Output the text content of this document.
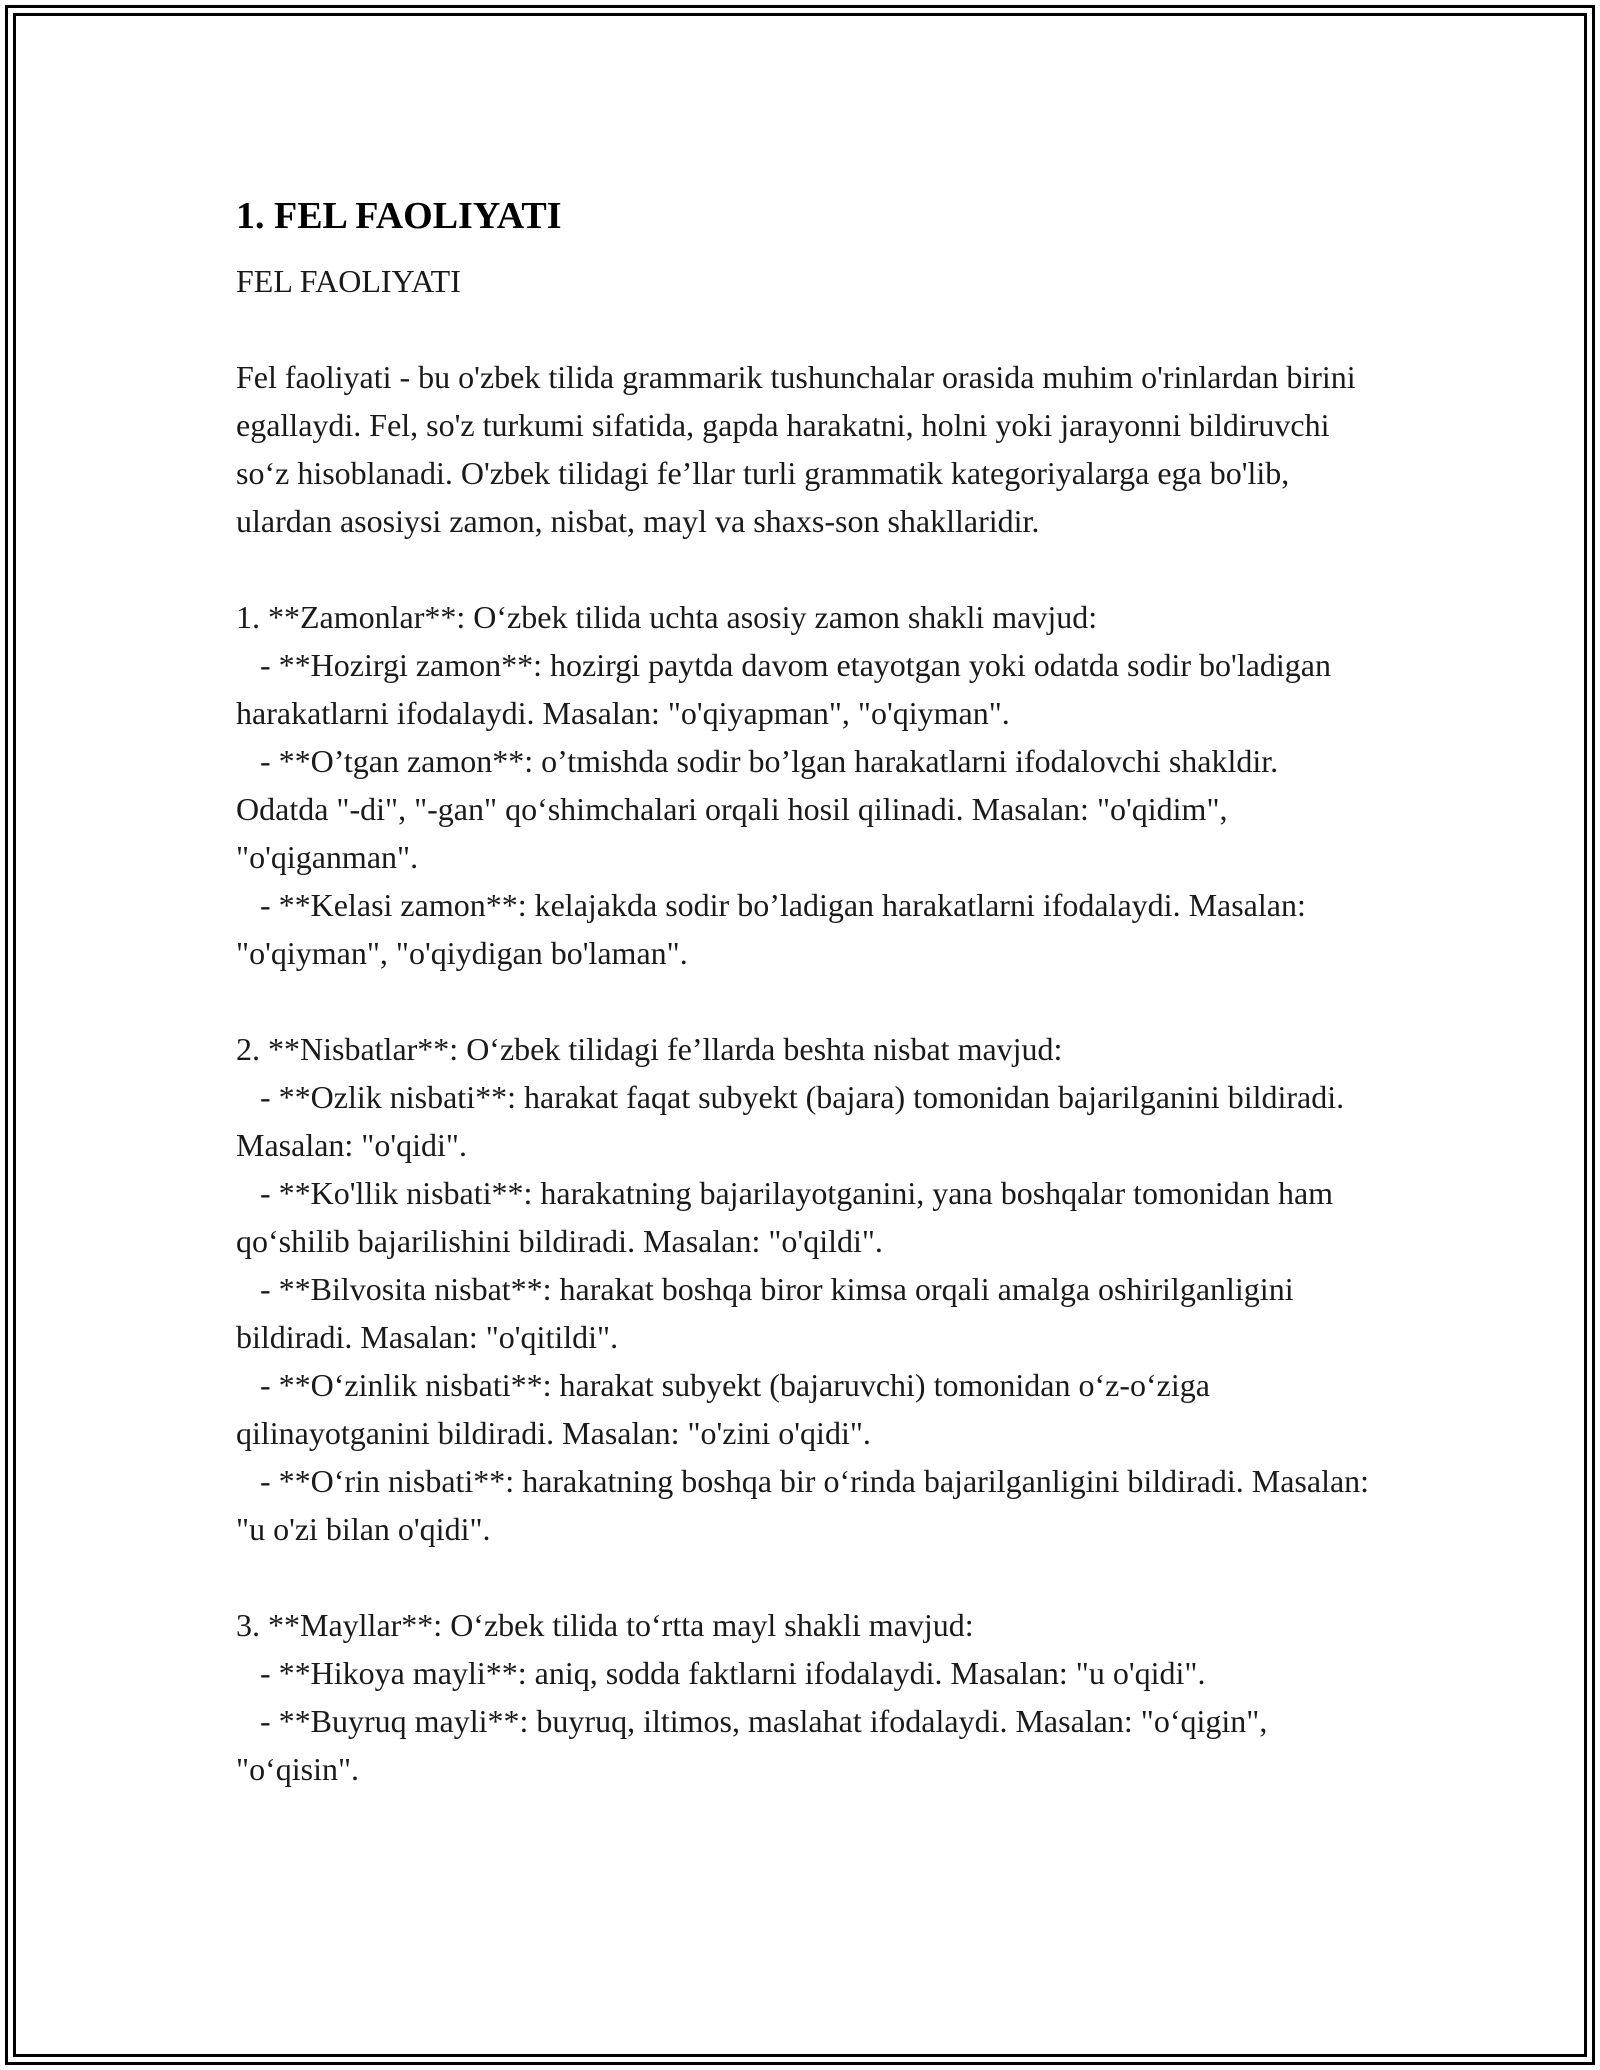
1. FEL FAOLIYATI

FEL FAOLIYATI

Fel faoliyati - bu o'zbek tilida grammarik tushunchalar orasida muhim o'rinlardan birini egallaydi. Fel, so'z turkumi sifatida, gapda harakatni, holni yoki jarayonni bildiruvchi so‘z hisoblanadi. O'zbek tilidagi fe’llar turli grammatik kategoriyalarga ega bo'lib, ulardan asosiysi zamon, nisbat, mayl va shaxs-son shakllaridir.

1. **Zamonlar**: O‘zbek tilida uchta asosiy zamon shakli mavjud:
- **Hozirgi zamon**: hozirgi paytda davom etayotgan yoki odatda sodir bo'ladigan harakatlarni ifodalaydi. Masalan: "o'qiyapman", "o'qiyman".
- **O’tgan zamon**: o’tmishda sodir bo’lgan harakatlarni ifodalovchi shakldir. Odatda "-di", "-gan" qo‘shimchalari orqali hosil qilinadi. Masalan: "o'qidim", "o'qiganman".
- **Kelasi zamon**: kelajakda sodir bo’ladigan harakatlarni ifodalaydi. Masalan: "o'qiyman", "o'qiydigan bo'laman".
2. **Nisbatlar**: O‘zbek tilidagi fe’llarda beshta nisbat mavjud:
- **Ozlik nisbati**: harakat faqat subyekt (bajara) tomonidan bajarilganini bildiradi. Masalan: "o'qidi".
- **Ko'llik nisbati**: harakatning bajarilayotganini, yana boshqalar tomonidan ham qo‘shilib bajarilishini bildiradi. Masalan: "o'qildi".
- **Bilvosita nisbat**: harakat boshqa biror kimsa orqali amalga oshirilganligini bildiradi. Masalan: "o'qitildi".
- **O‘zinlik nisbati**: harakat subyekt (bajaruvchi) tomonidan o‘z-o‘ziga qilinayotganini bildiradi. Masalan: "o'zini o'qidi".
- **O‘rin nisbati**: harakatning boshqa bir o‘rinda bajarilganligini bildiradi. Masalan: "u o'zi bilan o'qidi".
3. **Mayllar**: O‘zbek tilida to‘rtta mayl shakli mavjud:
- **Hikoya mayli**: aniq, sodda faktlarni ifodalaydi. Masalan: "u o'qidi".
- **Buyruq mayli**: buyruq, iltimos, maslahat ifodalaydi. Masalan: "o‘qigin", "o‘qisin".
